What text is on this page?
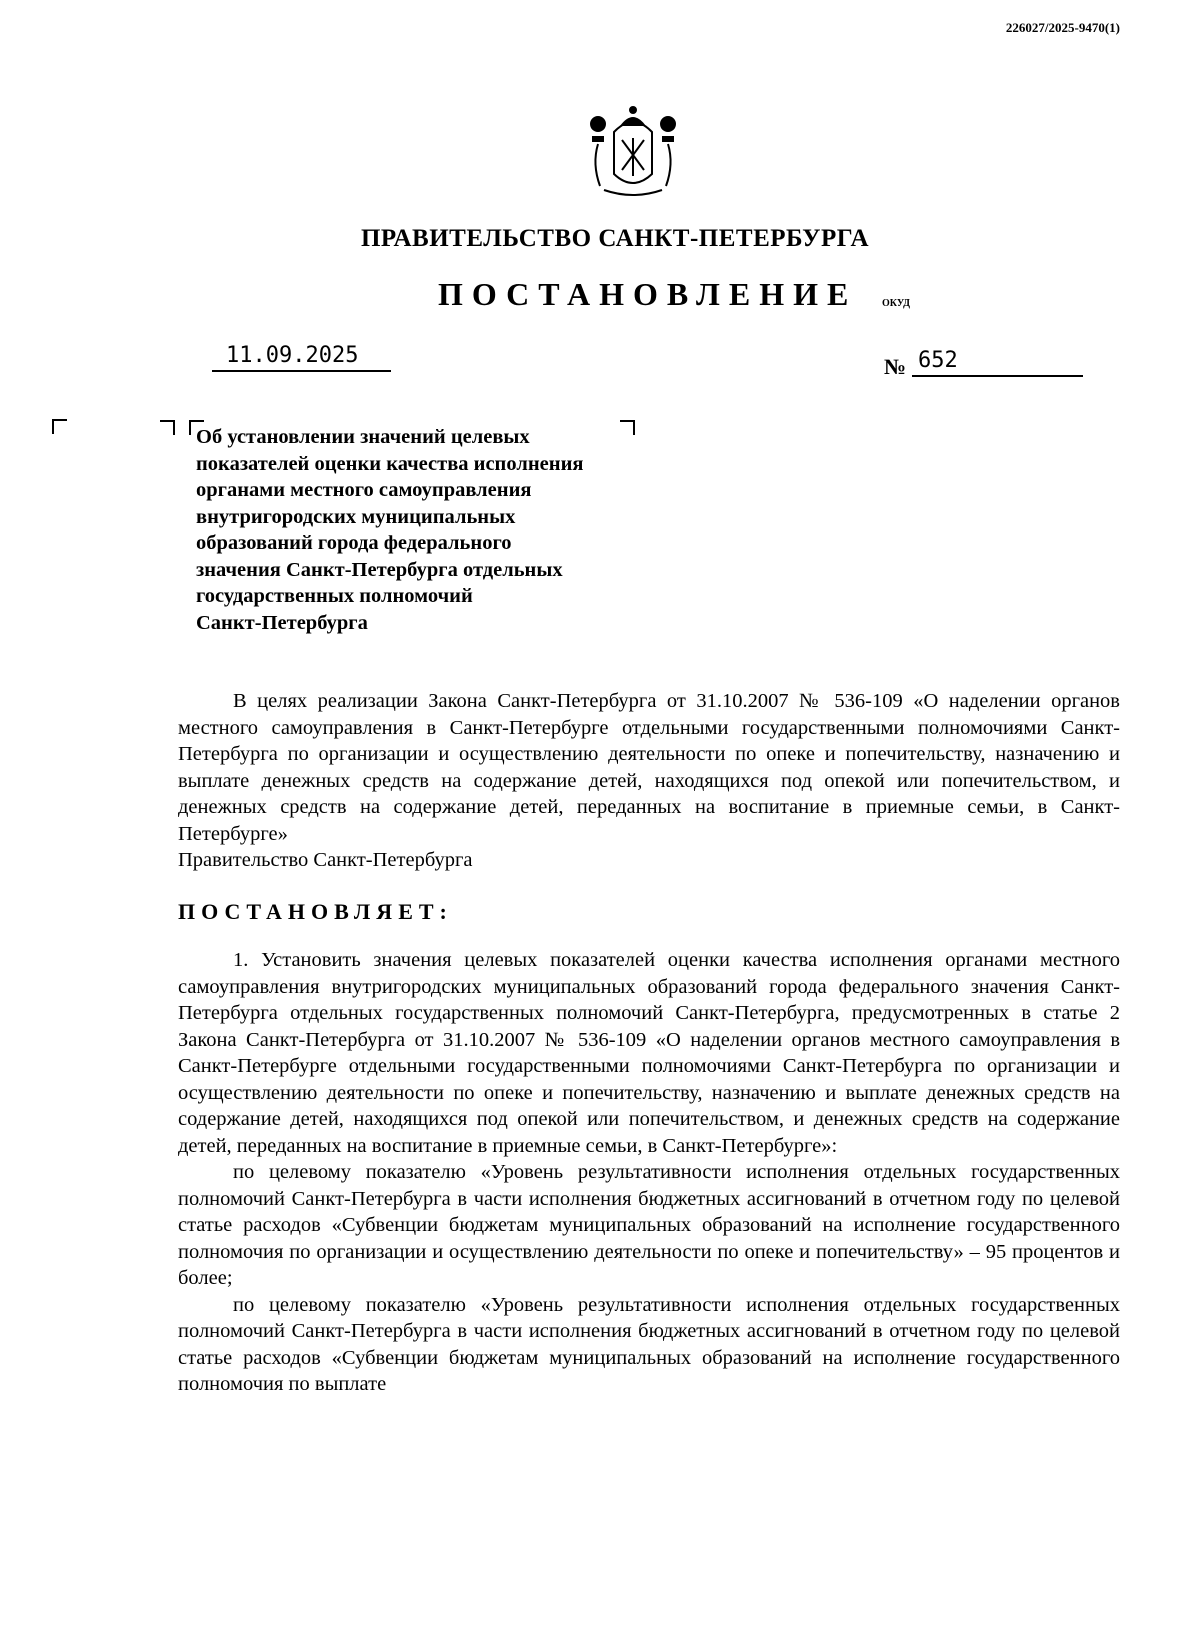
226027/2025-9470(1)
ПРАВИТЕЛЬСТВО САНКТ-ПЕТЕРБУРГА
ПОСТАНОВЛЕНИЕ ОКУД
11.09.2025	№ 652
Об установлении значений целевых
показателей оценки качества исполнения
органами местного самоуправления
внутригородских муниципальных
образований города федерального
значения Санкт-Петербурга отдельных
государственных полномочий
Санкт-Петербурга

В целях реализации Закона Санкт-Петербурга от 31.10.2007 № 536-109 «О наделении органов местного самоуправления в Санкт-Петербурге отдельными государственными полномочиями Санкт-Петербурга по организации и осуществлению деятельности по опеке и попечительству, назначению и выплате денежных средств на содержание детей, находящихся под опекой или попечительством, и денежных средств на содержание детей, переданных на воспитание в приемные семьи, в Санкт-Петербурге»

Правительство Санкт-Петербурга

ПОСТАНОВЛЯЕТ:

1. Установить значения целевых показателей оценки качества исполнения органами местного самоуправления внутригородских муниципальных образований города федерального значения Санкт-Петербурга отдельных государственных полномочий Санкт-Петербурга, предусмотренных в статье 2 Закона Санкт-Петербурга от 31.10.2007 № 536-109 «О наделении органов местного самоуправления в Санкт-Петербурге отдельными государственными полномочиями Санкт-Петербурга по организации и осуществлению деятельности по опеке и попечительству, назначению и выплате денежных средств на содержание детей, находящихся под опекой или попечительством, и денежных средств на содержание детей, переданных на воспитание в приемные семьи, в Санкт-Петербурге»:

по целевому показателю «Уровень результативности исполнения отдельных государственных полномочий Санкт-Петербурга в части исполнения бюджетных ассигнований в отчетном году по целевой статье расходов «Субвенции бюджетам муниципальных образований на исполнение государственного полномочия по организации и осуществлению деятельности по опеке и попечительству» – 95 процентов и более;

по целевому показателю «Уровень результативности исполнения отдельных государственных полномочий Санкт-Петербурга в части исполнения бюджетных ассигнований в отчетном году по целевой статье расходов «Субвенции бюджетам муниципальных образований на исполнение государственного полномочия по выплате
